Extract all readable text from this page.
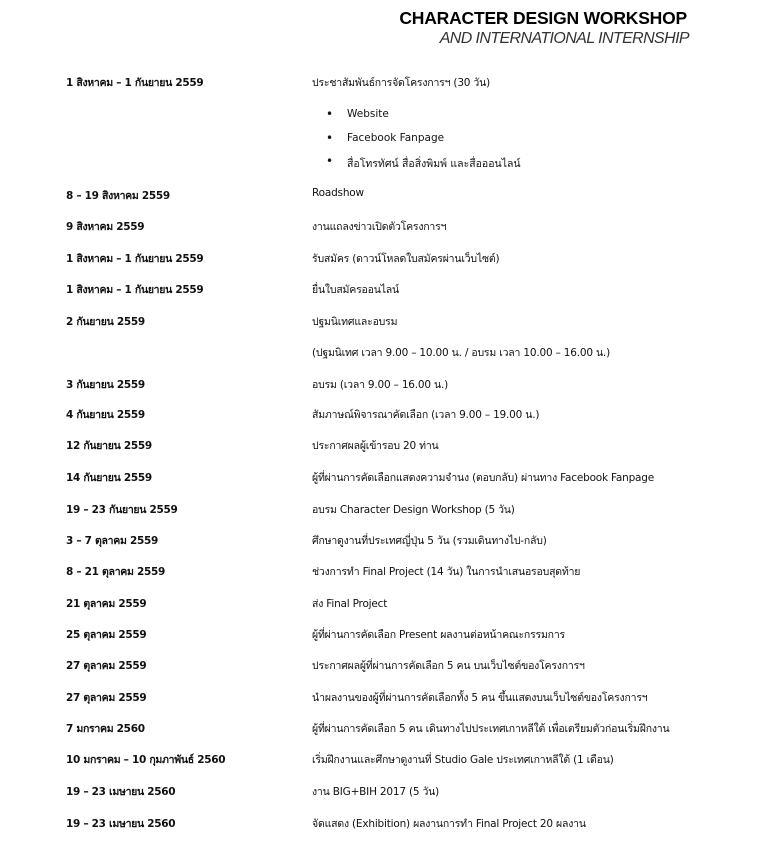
CHARACTER DESIGN WORKSHOP
AND INTERNATIONAL INTERNSHIP
1 สิงหาคม – 1 กันยายน 2559	ประชาสัมพันธ์การจัดโครงการฯ (30 วัน)
• Website
• Facebook Fanpage
• สื่อโทรทัศน์ สื่อสิ่งพิมพ์ และสื่อออนไลน์
8 – 19 สิงหาคม 2559	Roadshow
9 สิงหาคม 2559	งานแถลงข่าวเปิดตัวโครงการฯ
1 สิงหาคม – 1 กันยายน 2559	รับสมัคร (ดาวน์โหลดใบสมัครผ่านเว็บไซต์)
1 สิงหาคม – 1 กันยายน 2559	ยื่นใบสมัครออนไลน์
2 กันยายน 2559	ปฐมนิเทศและอบรม
(ปฐมนิเทศ เวลา 9.00 – 10.00 น. / อบรม เวลา 10.00 – 16.00 น.)
3 กันยายน 2559	อบรม (เวลา 9.00 – 16.00 น.)
4 กันยายน 2559	สัมภาษณ์พิจารณาคัดเลือก (เวลา 9.00 – 19.00 น.)
12 กันยายน 2559	ประกาศผลผู้เข้ารอบ 20 ท่าน
14 กันยายน 2559	ผู้ที่ผ่านการคัดเลือกแสดงความจำนง (ตอบกลับ) ผ่านทาง Facebook Fanpage
19 – 23 กันยายน 2559	อบรม Character Design Workshop (5 วัน)
3 – 7 ตุลาคม 2559	ศึกษาดูงานที่ประเทศญี่ปุ่น 5 วัน (รวมเดินทางไป-กลับ)
8 – 21 ตุลาคม 2559	ช่วงการทำ Final Project (14 วัน) ในการนำเสนอรอบสุดท้าย
21 ตุลาคม 2559	ส่ง Final Project
25 ตุลาคม 2559	ผู้ที่ผ่านการคัดเลือก Present ผลงานต่อหน้าคณะกรรมการ
27 ตุลาคม 2559	ประกาศผลผู้ที่ผ่านการคัดเลือก 5 คน บนเว็บไซต์ของโครงการฯ
27 ตุลาคม 2559	นำผลงานของผู้ที่ผ่านการคัดเลือกทั้ง 5 คน ขึ้นแสดงบนเว็บไซต์ของโครงการฯ
7 มกราคม 2560	ผู้ที่ผ่านการคัดเลือก 5 คน เดินทางไปประเทศเกาหลีใต้ เพื่อเตรียมตัวก่อนเริ่มฝึกงาน
10 มกราคม – 10 กุมภาพันธ์ 2560	เริ่มฝึกงานและศึกษาดูงานที่ Studio Gale ประเทศเกาหลีใต้ (1 เดือน)
19 – 23 เมษายน 2560	งาน BIG+BIH 2017 (5 วัน)
19 – 23 เมษายน 2560	จัดแสดง (Exhibition) ผลงานการทำ Final Project 20 ผลงาน
